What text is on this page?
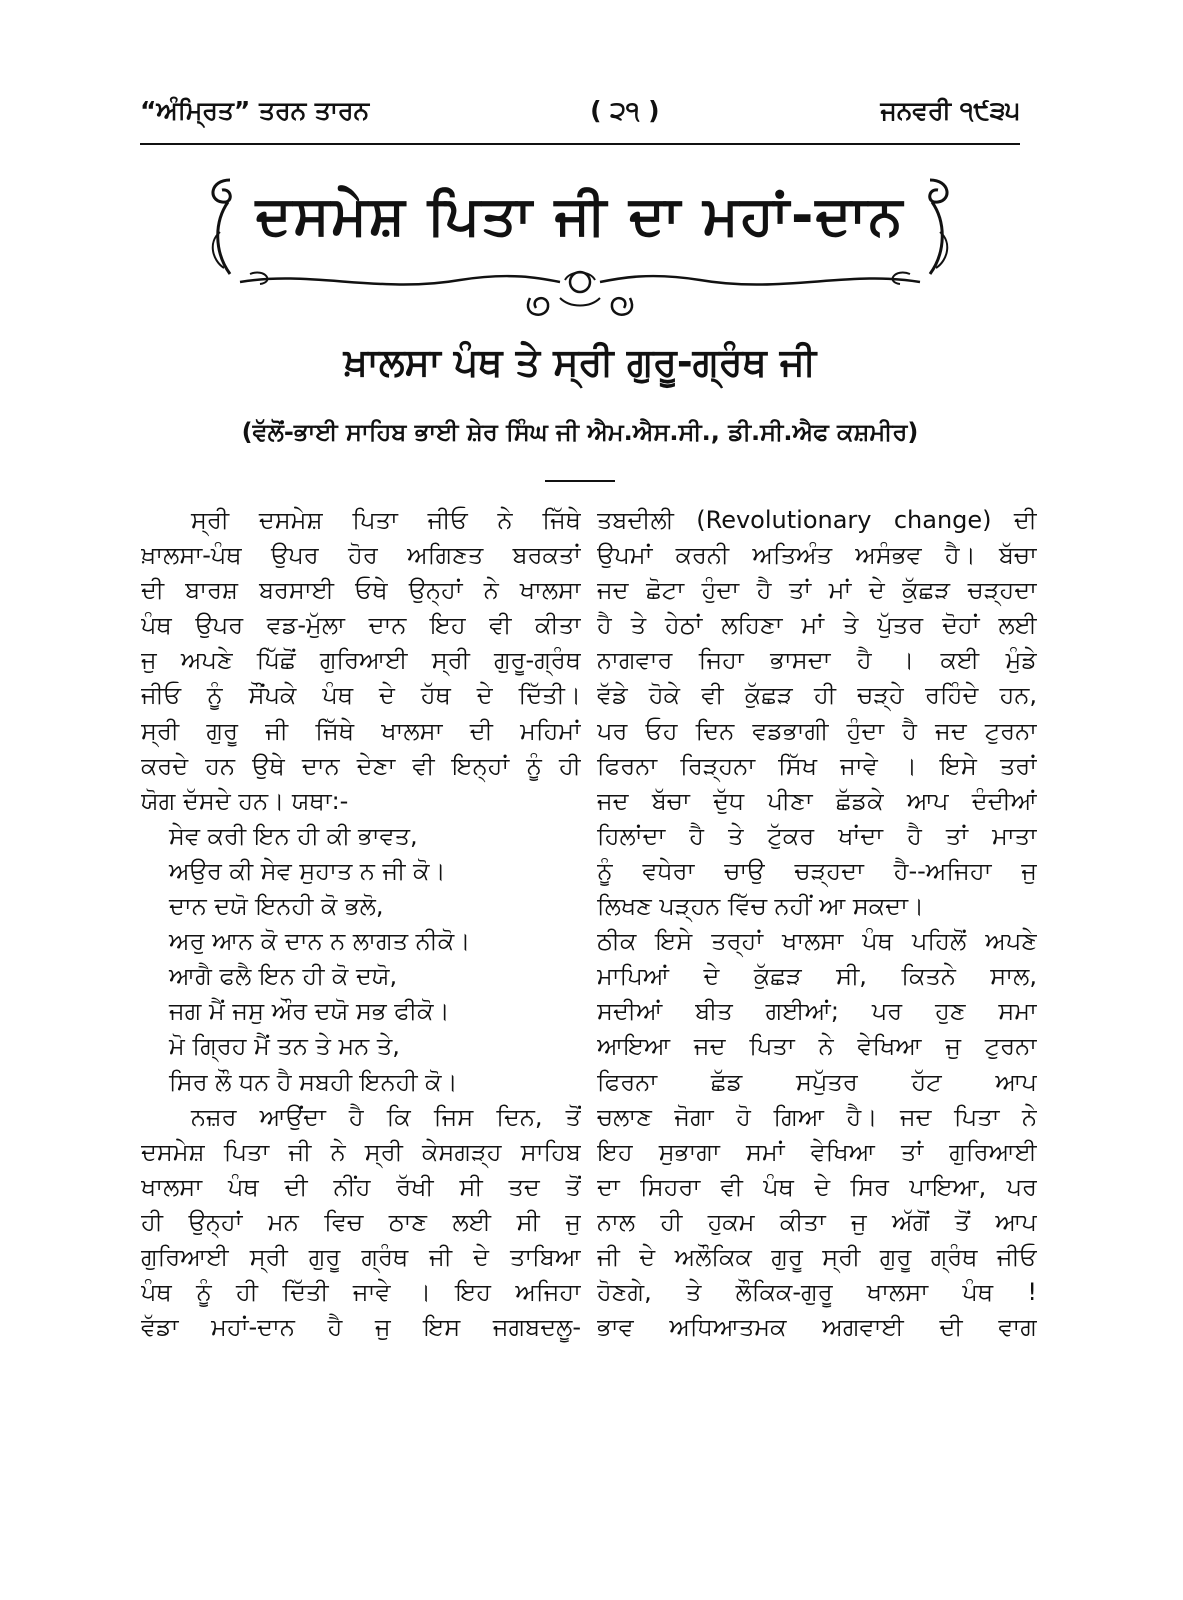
“ਅੰਮ੍ਰਿਤ” ਤਰਨ ਤਾਰਨ	( ੨੧ )	ਜਨਵਰੀ ੧੯੩੫
ਦਸਮੇਸ਼ ਪਿਤਾ ਜੀ ਦਾ ਮਹਾਂ-ਦਾਨ
ਖ਼ਾਲਸਾ ਪੰਥ ਤੇ ਸ੍ਰੀ ਗੁਰੂ-ਗ੍ਰੰਥ ਜੀ
(ਵੱਲੋਂ-ਭਾਈ ਸਾਹਿਬ ਭਾਈ ਸ਼ੇਰ ਸਿੰਘ ਜੀ ਐਮ.ਐਸ.ਸੀ., ਡੀ.ਸੀ.ਐਫ ਕਸ਼ਮੀਰ)
ਸ੍ਰੀ ਦਸਮੇਸ਼ ਪਿਤਾ ਜੀਓ ਨੇ ਜਿੱਥੇ
ਖ਼ਾਲਸਾ-ਪੰਥ ਉਪਰ ਹੋਰ ਅਗਿਣਤ ਬਰਕਤਾਂ
ਦੀ ਬਾਰਸ਼ ਬਰਸਾਈ ਓਥੇ ਉਨ੍ਹਾਂ ਨੇ ਖਾਲਸਾ
ਪੰਥ ਉਪਰ ਵਡ-ਮੁੱਲਾ ਦਾਨ ਇਹ ਵੀ ਕੀਤਾ
ਜੁ ਅਪਣੇ ਪਿੱਛੋਂ ਗੁਰਿਆਈ ਸ੍ਰੀ ਗੁਰੂ-ਗ੍ਰੰਥ
ਜੀਓ ਨੂੰ ਸੌਂਪਕੇ ਪੰਥ ਦੇ ਹੱਥ ਦੇ ਦਿੱਤੀ।
ਸ੍ਰੀ ਗੁਰੂ ਜੀ ਜਿੱਥੇ ਖਾਲਸਾ ਦੀ ਮਹਿਮਾਂ
ਕਰਦੇ ਹਨ ਉਥੇ ਦਾਨ ਦੇਣਾ ਵੀ ਇਨ੍ਹਾਂ ਨੂੰ ਹੀ
ਯੋਗ ਦੱਸਦੇ ਹਨ। ਯਥਾ:-
ਸੇਵ ਕਰੀ ਇਨ ਹੀ ਕੀ ਭਾਵਤ,
ਅਉਰ ਕੀ ਸੇਵ ਸੁਹਾਤ ਨ ਜੀ ਕੋ।
ਦਾਨ ਦਯੋ ਇਨਹੀ ਕੋ ਭਲੋ,
ਅਰੁ ਆਨ ਕੋ ਦਾਨ ਨ ਲਾਗਤ ਨੀਕੋ।
ਆਗੈ ਫਲੈ ਇਨ ਹੀ ਕੋ ਦਯੋ,
ਜਗ ਮੈਂ ਜਸੁ ਔਰ ਦਯੋ ਸਭ ਫੀਕੋ।
ਮੋ ਗ੍ਰਿਹ ਮੈਂ ਤਨ ਤੇ ਮਨ ਤੇ,
ਸਿਰ ਲੌ ਧਨ ਹੈ ਸਬਹੀ ਇਨਹੀ ਕੋ।
ਨਜ਼ਰ ਆਉਂਦਾ ਹੈ ਕਿ ਜਿਸ ਦਿਨ, ਤੋਂ
ਦਸਮੇਸ਼ ਪਿਤਾ ਜੀ ਨੇ ਸ੍ਰੀ ਕੇਸਗੜ੍ਹ ਸਾਹਿਬ
ਖਾਲਸਾ ਪੰਥ ਦੀ ਨੀਂਹ ਰੱਖੀ ਸੀ ਤਦ ਤੋਂ
ਹੀ ਉਨ੍ਹਾਂ ਮਨ ਵਿਚ ਠਾਣ ਲਈ ਸੀ ਜੁ
ਗੁਰਿਆਈ ਸ੍ਰੀ ਗੁਰੂ ਗ੍ਰੰਥ ਜੀ ਦੇ ਤਾਬਿਆ
ਪੰਥ ਨੂੰ ਹੀ ਦਿੱਤੀ ਜਾਵੇ । ਇਹ ਅਜਿਹਾ
ਵੱਡਾ ਮਹਾਂ-ਦਾਨ ਹੈ ਜੁ ਇਸ ਜਗਬਦਲੂ-
ਤਬਦੀਲੀ (Revolutionary change) ਦੀ
ਉਪਮਾਂ ਕਰਨੀ ਅਤਿਅੰਤ ਅਸੰਭਵ ਹੈ। ਬੱਚਾ
ਜਦ ਛੋਟਾ ਹੁੰਦਾ ਹੈ ਤਾਂ ਮਾਂ ਦੇ ਕੁੱਛੜ ਚੜ੍ਹਦਾ
ਹੈ ਤੇ ਹੇਠਾਂ ਲਹਿਣਾ ਮਾਂ ਤੇ ਪੁੱਤਰ ਦੋਹਾਂ ਲਈ
ਨਾਗਵਾਰ ਜਿਹਾ ਭਾਸਦਾ ਹੈ । ਕਈ ਮੁੰਡੇ
ਵੱਡੇ ਹੋਕੇ ਵੀ ਕੁੱਛੜ ਹੀ ਚੜ੍ਹੇ ਰਹਿੰਦੇ ਹਨ,
ਪਰ ਓਹ ਦਿਨ ਵਡਭਾਗੀ ਹੁੰਦਾ ਹੈ ਜਦ ਟੁਰਨਾ
ਫਿਰਨਾ ਰਿੜ੍ਹਨਾ ਸਿੱਖ ਜਾਵੇ । ਇਸੇ ਤਰਾਂ
ਜਦ ਬੱਚਾ ਦੁੱਧ ਪੀਣਾ ਛੱਡਕੇ ਆਪ ਦੰਦੀਆਂ
ਹਿਲਾਂਦਾ ਹੈ ਤੇ ਟੁੱਕਰ ਖਾਂਦਾ ਹੈ ਤਾਂ ਮਾਤਾ
ਨੂੰ ਵਧੇਰਾ ਚਾਉ ਚੜ੍ਹਦਾ ਹੈ--ਅਜਿਹਾ ਜੁ
ਲਿਖਣ ਪੜ੍ਹਨ ਵਿੱਚ ਨਹੀਂ ਆ ਸਕਦਾ।
ਠੀਕ ਇਸੇ ਤਰ੍ਹਾਂ ਖਾਲਸਾ ਪੰਥ ਪਹਿਲੋਂ ਅਪਣੇ
ਮਾਪਿਆਂ ਦੇ ਕੁੱਛੜ ਸੀ, ਕਿਤਨੇ ਸਾਲ,
ਸਦੀਆਂ ਬੀਤ ਗਈਆਂ; ਪਰ ਹੁਣ ਸਮਾ
ਆਇਆ ਜਦ ਪਿਤਾ ਨੇ ਵੇਖਿਆ ਜੁ ਟੁਰਨਾ
ਫਿਰਨਾ ਛੱਡ ਸਪੁੱਤਰ ਹੱਟ ਆਪ
ਚਲਾਣ ਜੋਗਾ ਹੋ ਗਿਆ ਹੈ। ਜਦ ਪਿਤਾ ਨੇ
ਇਹ ਸੁਭਾਗਾ ਸਮਾਂ ਵੇਖਿਆ ਤਾਂ ਗੁਰਿਆਈ
ਦਾ ਸਿਹਰਾ ਵੀ ਪੰਥ ਦੇ ਸਿਰ ਪਾਇਆ, ਪਰ
ਨਾਲ ਹੀ ਹੁਕਮ ਕੀਤਾ ਜੁ ਅੱਗੋਂ ਤੋਂ ਆਪ
ਜੀ ਦੇ ਅਲੌਕਿਕ ਗੁਰੂ ਸ੍ਰੀ ਗੁਰੂ ਗ੍ਰੰਥ ਜੀਓ
ਹੋਣਗੇ, ਤੇ ਲੌਕਿਕ-ਗੁਰੂ ਖਾਲਸਾ ਪੰਥ !
ਭਾਵ ਅਧਿਆਤਮਕ ਅਗਵਾਈ ਦੀ ਵਾਗ
